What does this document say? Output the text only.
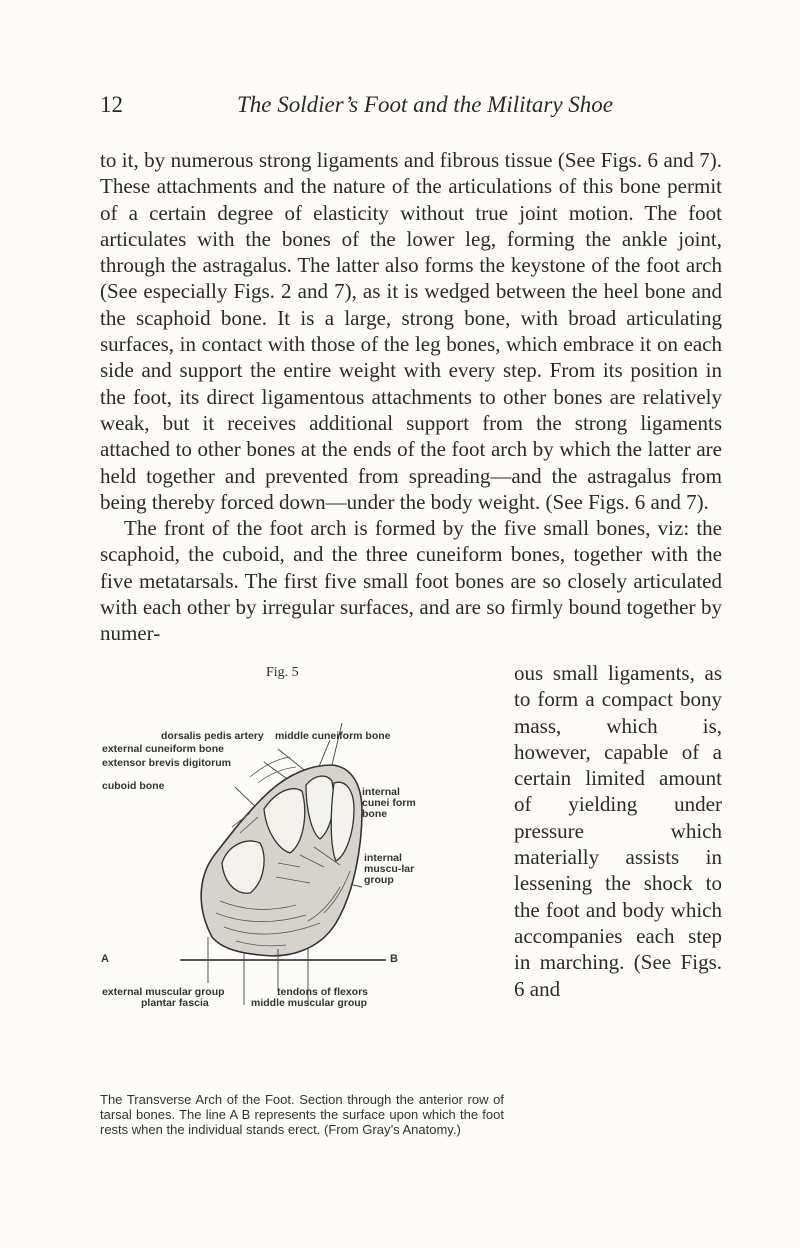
12	The Soldier’s Foot and the Military Shoe

to it, by numerous strong ligaments and fibrous tissue (See Figs. 6 and 7). These attachments and the nature of the articulations of this bone permit of a certain degree of elasticity without true joint motion. The foot articulates with the bones of the lower leg, forming the ankle joint, through the astragalus. The latter also forms the keystone of the foot arch (See especially Figs. 2 and 7), as it is wedged between the heel bone and the scaphoid bone. It is a large, strong bone, with broad articulating surfaces, in contact with those of the leg bones, which embrace it on each side and support the entire weight with every step. From its position in the foot, its direct ligamentous attachments to other bones are relatively weak, but it receives additional support from the strong ligaments attached to other bones at the ends of the foot arch by which the latter are held together and prevented from spreading—and the astragalus from being thereby forced down—under the body weight. (See Figs. 6 and 7).

The front of the foot arch is formed by the five small bones, viz: the scaphoid, the cuboid, and the three cuneiform bones, together with the five metatarsals. The first five small foot bones are so closely articulated with each other by irregular surfaces, and are so firmly bound together by numer-

ous small ligaments, as to form a compact bony mass, which is, however, capable of a certain limited amount of yielding under pressure which materially assists in lessening the shock to the foot and body which accompanies each step in marching. (See Figs. 6 and
Fig. 5
dorsalis pedis artery middle cuneiform bone
external cuneiform bone
extensor brevis digitorum
cuboid bone	internal cunei form bone
internal muscu-lar group
A	B
external muscular group
plantar fascia
tendons of flexors
middle muscular group
The Transverse Arch of the Foot. Section through the anterior row of tarsal bones. The line A B represents the surface upon which the foot rests when the individual stands erect. (From Gray’s Anatomy.)
